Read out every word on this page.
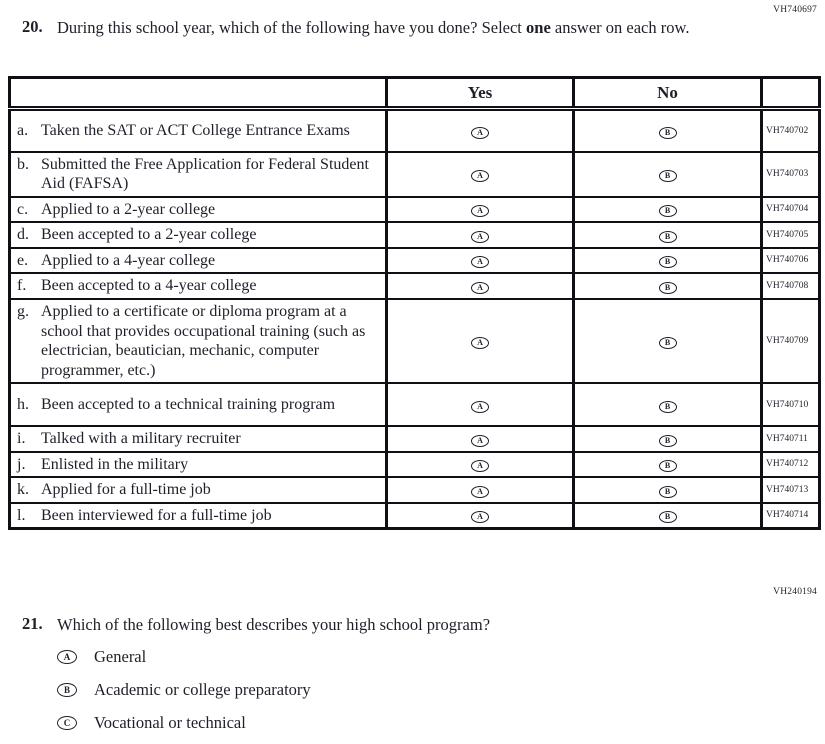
VH740697
20. During this school year, which of the following have you done? Select one answer on each row.
	Yes	No	

a. Taken the SAT or ACT College Entrance Exams	A	B	VH740702

b. Submitted the Free Application for Federal Student Aid (FAFSA)	A	B	VH740703

c. Applied to a 2-year college	A	B	VH740704

d. Been accepted to a 2-year college	A	B	VH740705

e. Applied to a 4-year college	A	B	VH740706

f. Been accepted to a 4-year college	A	B	VH740708

g. Applied to a certificate or diploma program at a school that provides occupational training (such as electrician, beautician, mechanic, computer programmer, etc.)	A	B	VH740709

h. Been accepted to a technical training program	A	B	VH740710

i. Talked with a military recruiter	A	B	VH740711

j. Enlisted in the military	A	B	VH740712

k. Applied for a full-time job	A	B	VH740713

l. Been interviewed for a full-time job	A	B	VH740714
VH240194
21. Which of the following best describes your high school program?
A General
B Academic or college preparatory
C Vocational or technical
